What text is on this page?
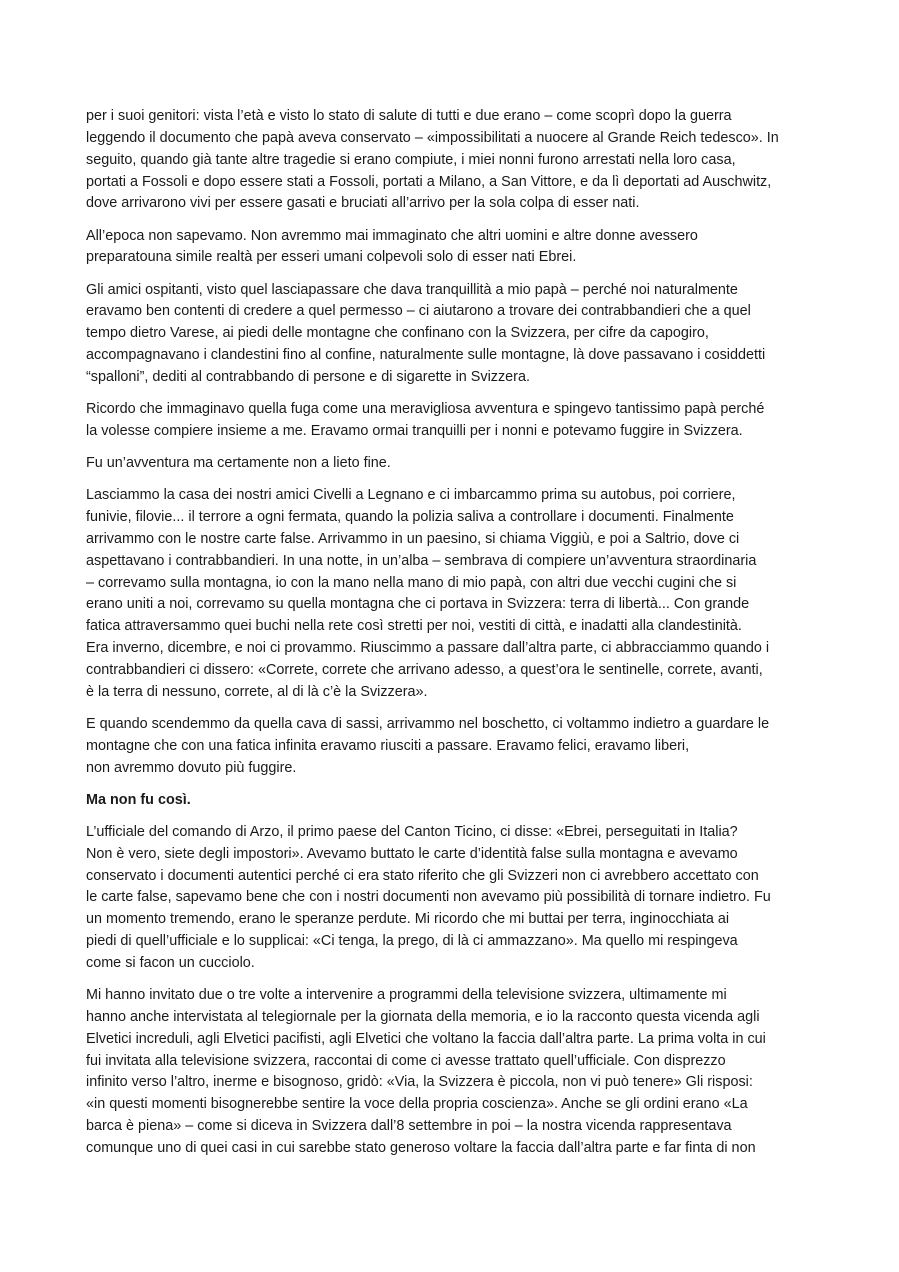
per i suoi genitori: vista l’età e visto lo stato di salute di tutti e due erano – come scoprì dopo la guerra
leggendo il documento che papà aveva conservato – «impossibilitati a nuocere al Grande Reich tedesco». In
seguito, quando già tante altre tragedie si erano compiute, i miei nonni furono arrestati nella loro casa,
portati a Fossoli e dopo essere stati a Fossoli, portati a Milano, a San Vittore, e da lì deportati ad Auschwitz,
dove arrivarono vivi per essere gasati e bruciati all’arrivo per la sola colpa di esser nati.

All’epoca non sapevamo. Non avremmo mai immaginato che altri uomini e altre donne avessero
preparatouna simile realtà per esseri umani colpevoli solo di esser nati Ebrei.

Gli amici ospitanti, visto quel lasciapassare che dava tranquillità a mio papà – perché noi naturalmente
eravamo ben contenti di credere a quel permesso – ci aiutarono a trovare dei contrabbandieri che a quel
tempo dietro Varese, ai piedi delle montagne che confinano con la Svizzera, per cifre da capogiro,
accompagnavano i clandestini fino al confine, naturalmente sulle montagne, là dove passavano i cosiddetti
“spalloni”, dediti al contrabbando di persone e di sigarette in Svizzera.

Ricordo che immaginavo quella fuga come una meravigliosa avventura e spingevo tantissimo papà perché
la volesse compiere insieme a me. Eravamo ormai tranquilli per i nonni e potevamo fuggire in Svizzera.

Fu un’avventura ma certamente non a lieto fine.

Lasciammo la casa dei nostri amici Civelli a Legnano e ci imbarcammo prima su autobus, poi corriere,
funivie, filovie... il terrore a ogni fermata, quando la polizia saliva a controllare i documenti. Finalmente
arrivammo con le nostre carte false. Arrivammo in un paesino, si chiama Viggiù, e poi a Saltrio, dove ci
aspettavano i contrabbandieri. In una notte, in un’alba – sembrava di compiere un’avventura straordinaria
– correvamo sulla montagna, io con la mano nella mano di mio papà, con altri due vecchi cugini che si
erano uniti a noi, correvamo su quella montagna che ci portava in Svizzera: terra di libertà... Con grande
fatica attraversammo quei buchi nella rete così stretti per noi, vestiti di città, e inadatti alla clandestinità.
Era inverno, dicembre, e noi ci provammo. Riuscimmo a passare dall’altra parte, ci abbracciammo quando i
contrabbandieri ci dissero: «Correte, correte che arrivano adesso, a quest’ora le sentinelle, correte, avanti,
è la terra di nessuno, correte, al di là c’è la Svizzera».

E quando scendemmo da quella cava di sassi, arrivammo nel boschetto, ci voltammo indietro a guardare le
montagne che con una fatica infinita eravamo riusciti a passare. Eravamo felici, eravamo liberi,
non avremmo dovuto più fuggire.

Ma non fu così.

L’ufficiale del comando di Arzo, il primo paese del Canton Ticino, ci disse: «Ebrei, perseguitati in Italia?
Non è vero, siete degli impostori». Avevamo buttato le carte d’identità false sulla montagna e avevamo
conservato i documenti autentici perché ci era stato riferito che gli Svizzeri non ci avrebbero accettato con
le carte false, sapevamo bene che con i nostri documenti non avevamo più possibilità di tornare indietro. Fu
un momento tremendo, erano le speranze perdute. Mi ricordo che mi buttai per terra, inginocchiata ai
piedi di quell’ufficiale e lo supplicai: «Ci tenga, la prego, di là ci ammazzano». Ma quello mi respingeva
come si facon un cucciolo.

Mi hanno invitato due o tre volte a intervenire a programmi della televisione svizzera, ultimamente mi
hanno anche intervistata al telegiornale per la giornata della memoria, e io la racconto questa vicenda agli
Elvetici increduli, agli Elvetici pacifisti, agli Elvetici che voltano la faccia dall’altra parte. La prima volta in cui
fui invitata alla televisione svizzera, raccontai di come ci avesse trattato quell’ufficiale. Con disprezzo
infinito verso l’altro, inerme e bisognoso, gridò: «Via, la Svizzera è piccola, non vi può tenere» Gli risposi:
«in questi momenti bisognerebbe sentire la voce della propria coscienza». Anche se gli ordini erano «La
barca è piena» – come si diceva in Svizzera dall’8 settembre in poi – la nostra vicenda rappresentava
comunque uno di quei casi in cui sarebbe stato generoso voltare la faccia dall’altra parte e far finta di non
